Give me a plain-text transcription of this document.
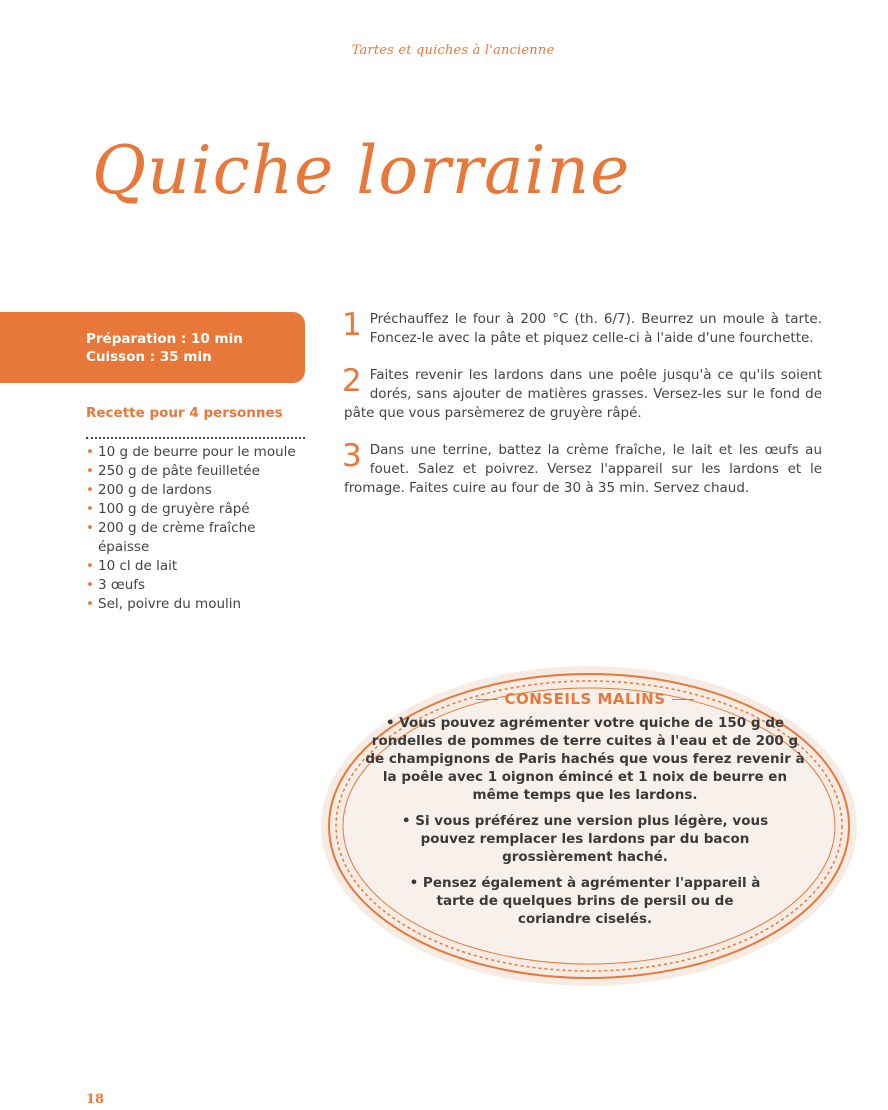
Tartes et quiches à l'ancienne
Quiche lorraine
Préparation : 10 min
Cuisson : 35 min
Recette pour 4 personnes
• 10 g de beurre pour le moule
• 250 g de pâte feuilletée
• 200 g de lardons
• 100 g de gruyère râpé
• 200 g de crème fraîche épaisse
• 10 cl de lait
• 3 œufs
• Sel, poivre du moulin

1 Préchauffez le four à 200 °C (th. 6/7). Beurrez un moule à tarte. Foncez-le avec la pâte et piquez celle-ci à l'aide d'une fourchette.

2 Faites revenir les lardons dans une poêle jusqu'à ce qu'ils soient dorés, sans ajouter de matières grasses. Versez-les sur le fond de pâte que vous parsèmerez de gruyère râpé.

3 Dans une terrine, battez la crème fraîche, le lait et les œufs au fouet. Salez et poivrez. Versez l'appareil sur les lardons et le fromage. Faites cuire au four de 30 à 35 min. Servez chaud.

CONSEILS MALINS

• Vous pouvez agrémenter votre quiche de 150 g de rondelles de pommes de terre cuites à l'eau et de 200 g de champignons de Paris hachés que vous ferez revenir à la poêle avec 1 oignon émincé et 1 noix de beurre en même temps que les lardons.

• Si vous préférez une version plus légère, vous pouvez remplacer les lardons par du bacon grossièrement haché.

• Pensez également à agrémenter l'appareil à tarte de quelques brins de persil ou de coriandre ciselés.

18
